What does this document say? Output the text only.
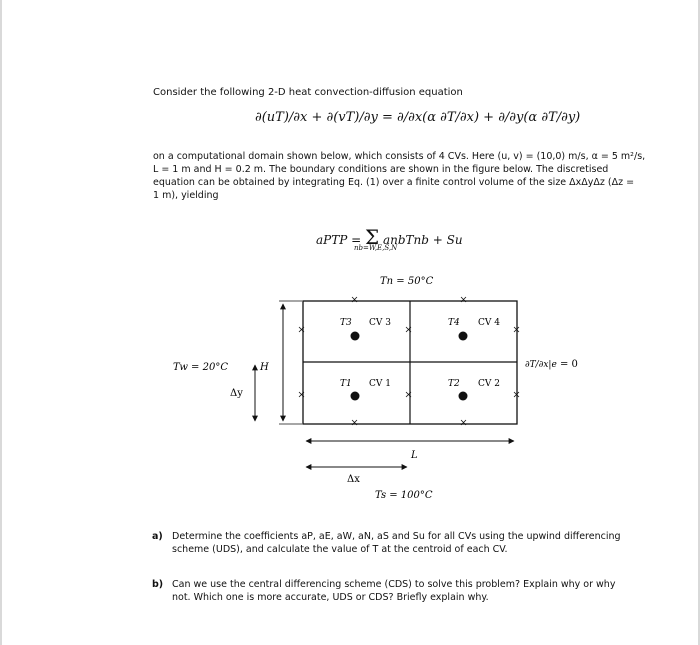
Consider the following 2-D heat convection-diffusion equation
∂(uT)/∂x + ∂(vT)/∂y = ∂/∂x(α ∂T/∂x) + ∂/∂y(α ∂T/∂y)
on a computational domain shown below, which consists of 4 CVs. Here (u, v) = (10,0) m/s, α = 5 m²/s,
L = 1 m and H = 0.2 m. The boundary conditions are shown in the figure below. The discretised
equation can be obtained by integrating Eq. (1) over a finite control volume of the size ΔxΔyΔz (Δz =
1 m), yielding
aPTP = Σ anbTnb + Su
nb=W,E,S,N
T3 CV 3	T4 CV 4
T1 CV 1	T2 CV 2
Tn = 50°C
Ts = 100°C
Tw = 20°C	∂T/∂x|e = 0
H
Δy
L
Δx
a) Determine the coefficients aP, aE, aW, aN, aS and Su for all CVs using the upwind differencing
scheme (UDS), and calculate the value of T at the centroid of each CV.
b) Can we use the central differencing scheme (CDS) to solve this problem? Explain why or why
not. Which one is more accurate, UDS or CDS? Briefly explain why.
